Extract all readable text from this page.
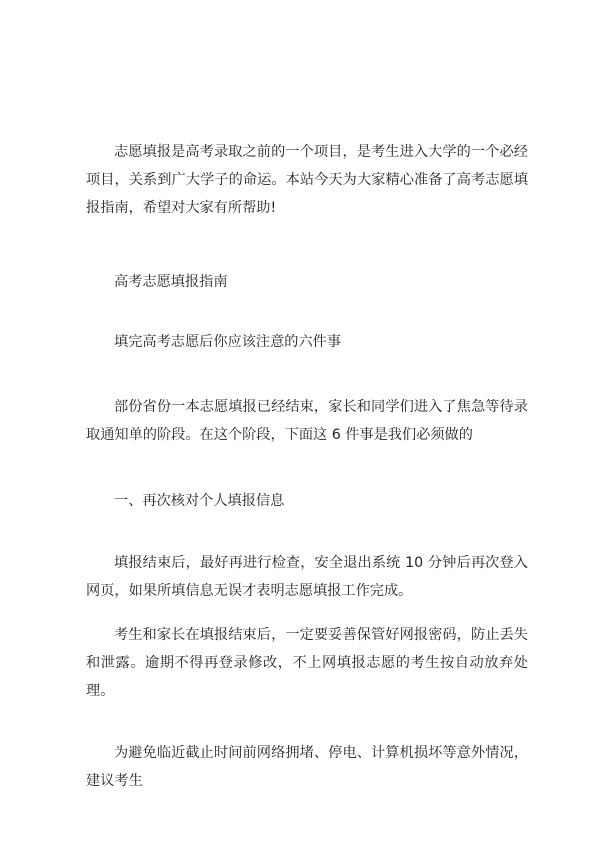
志愿填报是高考录取之前的一个项目，是考生进入大学的一个必经项目，关系到广大学子的命运。本站今天为大家精心准备了高考志愿填报指南，希望对大家有所帮助!

高考志愿填报指南

填完高考志愿后你应该注意的六件事

部份省份一本志愿填报已经结束，家长和同学们进入了焦急等待录取通知单的阶段。在这个阶段，下面这 6 件事是我们必须做的

一、再次核对个人填报信息

填报结束后，最好再进行检查，安全退出系统 10 分钟后再次登入网页，如果所填信息无误才表明志愿填报工作完成。

考生和家长在填报结束后，一定要妥善保管好网报密码，防止丢失和泄露。逾期不得再登录修改，不上网填报志愿的考生按自动放弃处理。

为避免临近截止时间前网络拥堵、停电、计算机损坏等意外情况，建议考生
